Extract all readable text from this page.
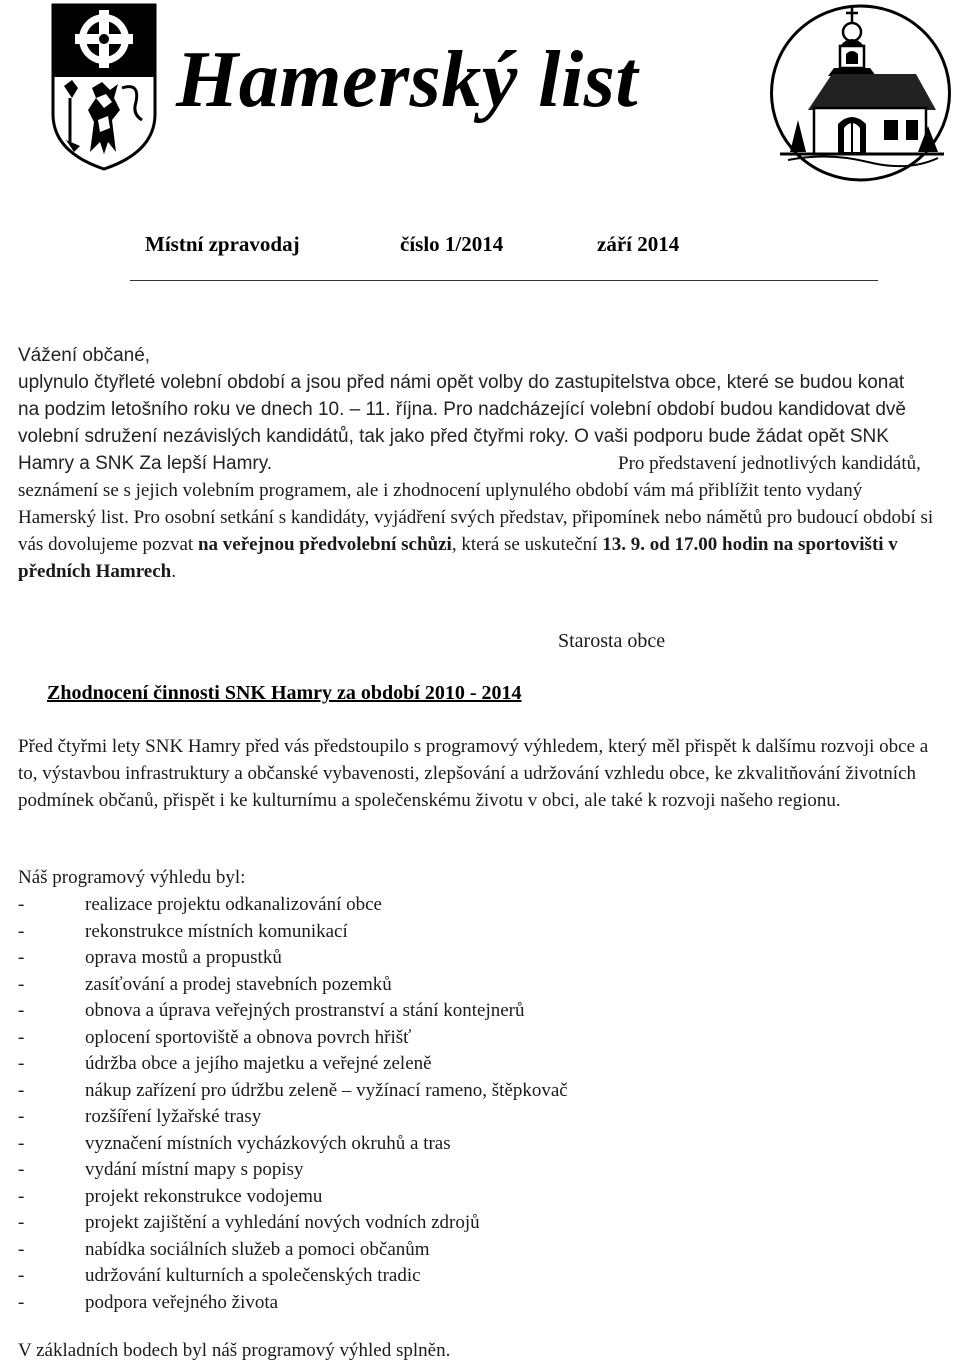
Hamerský list
Místní zpravodaj	číslo 1/2014	září 2014

Vážení občané,

uplynulo čtyřleté volební období a jsou před námi opět volby do zastupitelstva obce, které se budou konat na podzim letošního roku ve dnech 10. – 11. října. Pro nadcházející volební období budou kandidovat dvě volební sdružení nezávislých kandidátů, tak jako před čtyřmi roky. O vaši podporu bude žádat opět SNK Hamry a SNK Za lepší Hamry.	Pro představení jednotlivých kandidátů, seznámení se s jejich volebním programem, ale i zhodnocení uplynulého období vám má přiblížit tento vydaný Hamerský list. Pro osobní setkání s kandidáty, vyjádření svých představ, připomínek nebo námětů pro budoucí období si vás dovolujeme pozvat na veřejnou předvolební schůzi, která se uskuteční 13. 9. od 17.00 hodin na sportovišti v předních Hamrech.

Starosta obce
Zhodnocení činnosti SNK Hamry za období 2010 - 2014

Před čtyřmi lety SNK Hamry před vás předstoupilo s programový výhledem, který měl přispět k dalšímu rozvoji obce a to, výstavbou infrastruktury a občanské vybavenosti, zlepšování a udržování vzhledu obce, ke zkvalitňování životních podmínek občanů, přispět i ke kulturnímu a společenskému životu v obci, ale také k rozvoji našeho regionu.

Náš programový výhledu byl:
-	realizace projektu odkanalizování obce
-	rekonstrukce místních komunikací
-	oprava mostů a propustků
-	zasíťování a prodej stavebních pozemků
-	obnova a úprava veřejných prostranství a stání kontejnerů
-	oplocení sportoviště a obnova povrch hřišť
-	údržba obce a jejího majetku a veřejné zeleně
-	nákup zařízení pro údržbu zeleně – vyžínací rameno, štěpkovač
-	rozšíření lyžařské trasy
-	vyznačení místních vycházkových okruhů a tras
-	vydání místní mapy s popisy
-	projekt rekonstrukce vodojemu
-	projekt zajištění a vyhledání nových vodních zdrojů
-	nabídka sociálních služeb a pomoci občanům
-	udržování kulturních a společenských tradic
-	podpora veřejného života
V základních bodech byl náš programový výhled splněn.
